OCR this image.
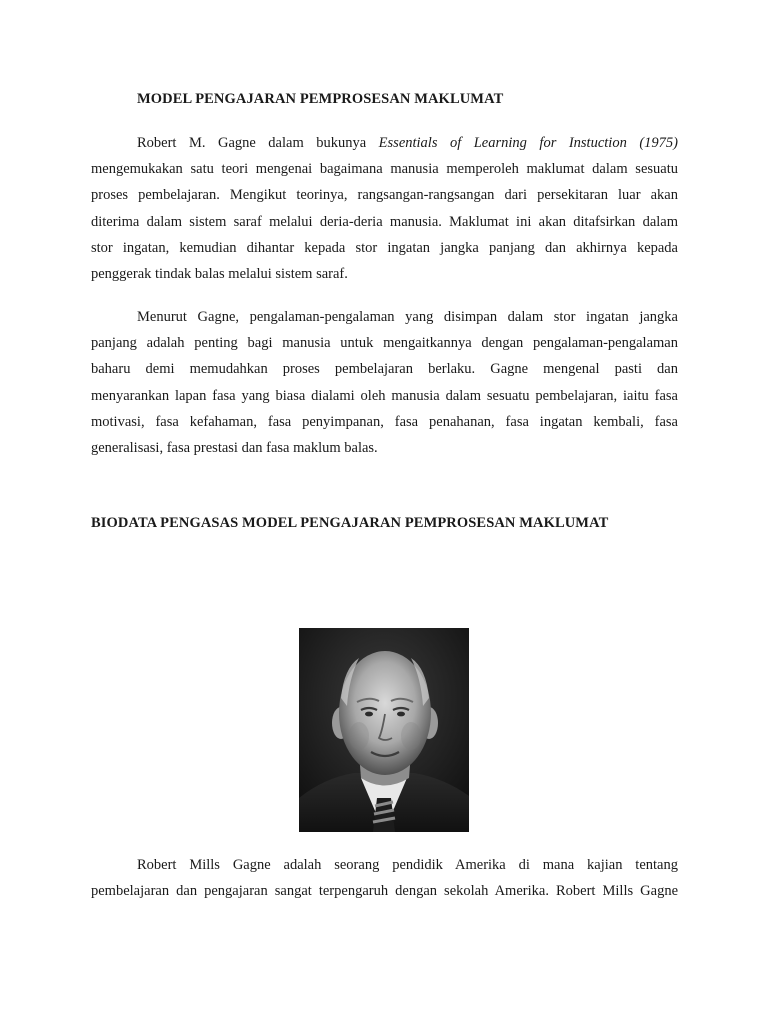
MODEL PENGAJARAN PEMPROSESAN MAKLUMAT
Robert M. Gagne dalam bukunya Essentials of Learning for Instuction (1975)
mengemukakan satu teori mengenai bagaimana manusia memperoleh maklumat dalam sesuatu
proses pembelajaran. Mengikut teorinya, rangsangan-rangsangan dari persekitaran luar akan
diterima dalam sistem saraf melalui deria-deria manusia. Maklumat ini akan ditafsirkan dalam
stor ingatan, kemudian dihantar kepada stor ingatan jangka panjang dan akhirnya kepada
penggerak tindak balas melalui sistem saraf.
Menurut Gagne, pengalaman-pengalaman yang disimpan dalam stor ingatan jangka
panjang adalah penting bagi manusia untuk mengaitkannya dengan pengalaman-pengalaman
baharu demi memudahkan proses pembelajaran berlaku. Gagne mengenal pasti dan
menyarankan lapan fasa yang biasa dialami oleh manusia dalam sesuatu pembelajaran, iaitu fasa
motivasi, fasa kefahaman, fasa penyimpanan, fasa penahanan, fasa ingatan kembali, fasa
generalisasi, fasa prestasi dan fasa maklum balas.
BIODATA PENGASAS MODEL PENGAJARAN PEMPROSESAN MAKLUMAT
Robert Mills Gagne adalah seorang pendidik Amerika di mana kajian tentang
pembelajaran dan pengajaran sangat terpengaruh dengan sekolah Amerika. Robert Mills Gagne
